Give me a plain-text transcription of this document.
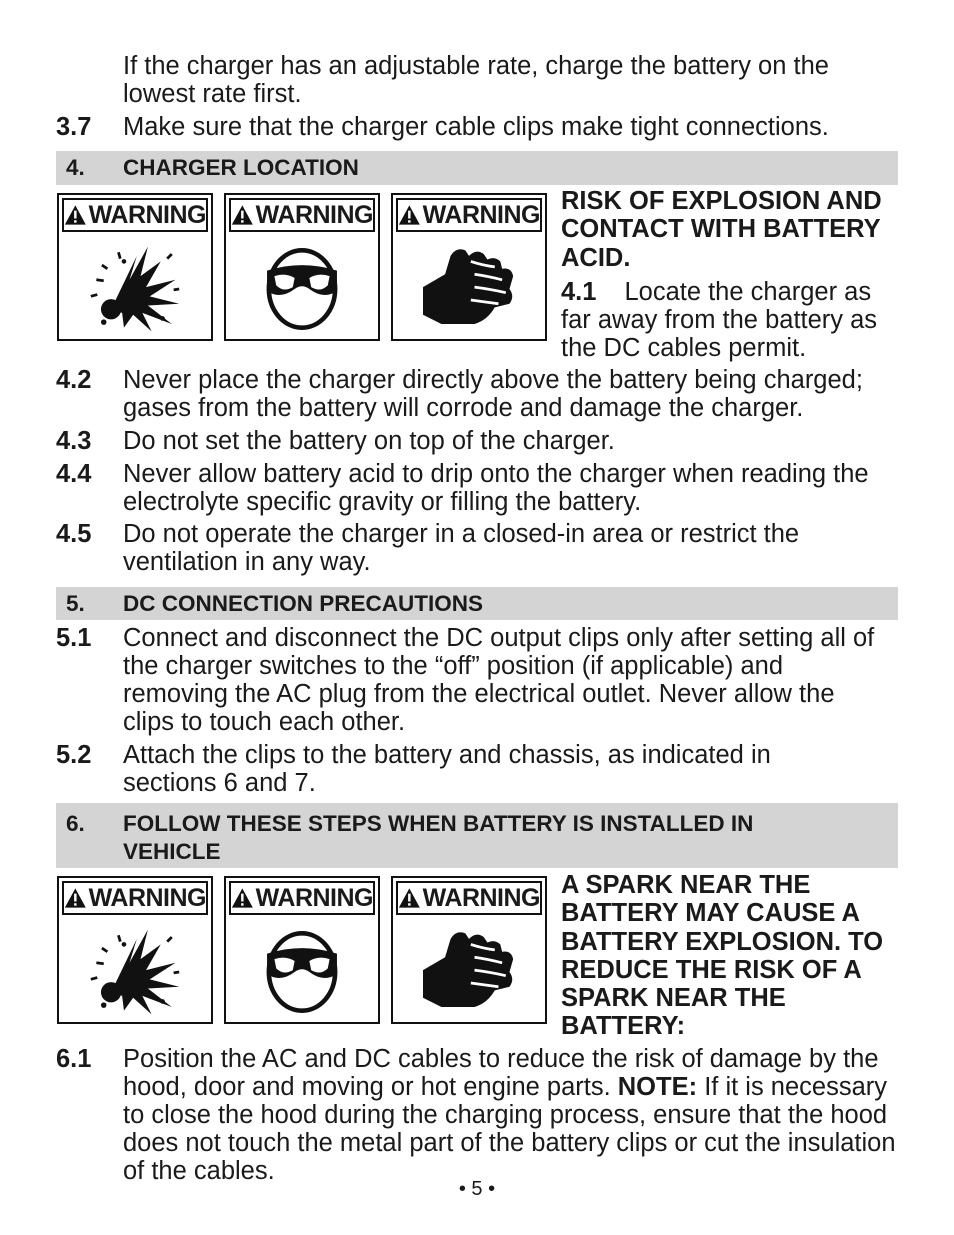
If the charger has an adjustable rate, charge the battery on the lowest rate first.

3.7 Make sure that the charger cable clips make tight connections.
4. CHARGER LOCATION
WARNING WARNING WARNING RISK OF EXPLOSION AND CONTACT WITH BATTERY ACID.
4.1 Locate the charger as far away from the battery as the DC cables permit.
4.2 Never place the charger directly above the battery being charged; gases from the battery will corrode and damage the charger.
4.3 Do not set the battery on top of the charger.
4.4 Never allow battery acid to drip onto the charger when reading the electrolyte specific gravity or filling the battery.
4.5 Do not operate the charger in a closed-in area or restrict the ventilation in any way.
5. DC CONNECTION PRECAUTIONS
5.1 Connect and disconnect the DC output clips only after setting all of the charger switches to the “off” position (if applicable) and removing the AC plug from the electrical outlet. Never allow the clips to touch each other.
5.2 Attach the clips to the battery and chassis, as indicated in sections 6 and 7.
6. FOLLOW THESE STEPS WHEN BATTERY IS INSTALLED IN VEHICLE
WARNING WARNING WARNING A SPARK NEAR THE BATTERY MAY CAUSE A BATTERY EXPLOSION. TO REDUCE THE RISK OF A SPARK NEAR THE BATTERY:
6.1 Position the AC and DC cables to reduce the risk of damage by the hood, door and moving or hot engine parts. NOTE: If it is necessary to close the hood during the charging process, ensure that the hood does not touch the metal part of the battery clips or cut the insulation of the cables.
• 5 •
